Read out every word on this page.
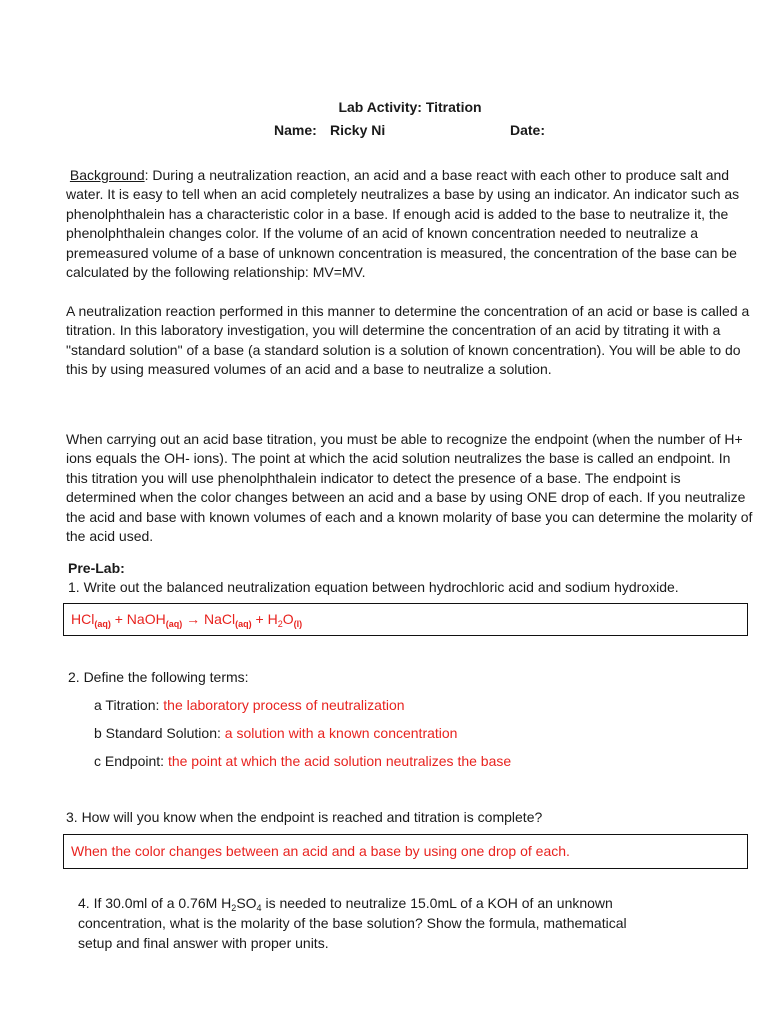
Lab Activity: Titration
Name: Ricky Ni	Date:

Background: During a neutralization reaction, an acid and a base react with each other to produce salt and water. It is easy to tell when an acid completely neutralizes a base by using an indicator. An indicator such as phenolphthalein has a characteristic color in a base. If enough acid is added to the base to neutralize it, the phenolphthalein changes color. If the volume of an acid of known concentration needed to neutralize a premeasured volume of a base of unknown concentration is measured, the concentration of the base can be calculated by the following relationship: MV=MV.

A neutralization reaction performed in this manner to determine the concentration of an acid or base is called a titration. In this laboratory investigation, you will determine the concentration of an acid by titrating it with a "standard solution" of a base (a standard solution is a solution of known concentration). You will be able to do this by using measured volumes of an acid and a base to neutralize a solution.

When carrying out an acid base titration, you must be able to recognize the endpoint (when the number of H+ ions equals the OH- ions). The point at which the acid solution neutralizes the base is called an endpoint. In this titration you will use phenolphthalein indicator to detect the presence of a base. The endpoint is determined when the color changes between an acid and a base by using ONE drop of each. If you neutralize the acid and base with known volumes of each and a known molarity of base you can determine the molarity of the acid used.

Pre-Lab:
1. Write out the balanced neutralization equation between hydrochloric acid and sodium hydroxide.
HCl$_{(aq)}$ + NaOH$_{(aq)}$ → NaCl$_{(aq)}$ + $H_2O_{(l)}$
2. Define the following terms:
a Titration: the laboratory process of neutralization
b Standard Solution: a solution with a known concentration
c Endpoint: the point at which the acid solution neutralizes the base
3. How will you know when the endpoint is reached and titration is complete?
When the color changes between an acid and a base by using one drop of each.
4. If 30.0ml of a 0.76M $H_2SO_4$ is needed to neutralize 15.0mL of a KOH of an unknown
concentration, what is the molarity of the base solution? Show the formula, mathematical
setup and final answer with proper units.
